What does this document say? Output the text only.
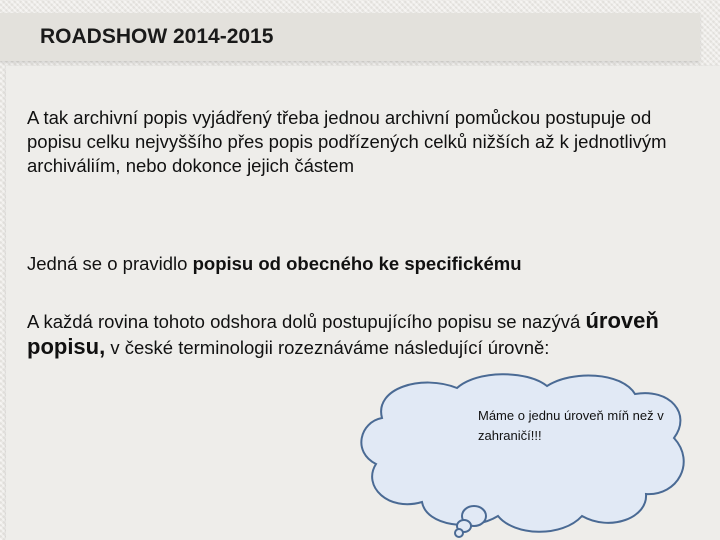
ROADSHOW 2014-2015

A tak archivní popis vyjádřený třeba jednou archivní pomůckou postupuje od popisu celku nejvyššího přes popis podřízených celků nižších až k jednotlivým archiváliím, nebo dokonce jejich částem

Jedná se o pravidlo popisu od obecného ke specifickému

A každá rovina tohoto odshora dolů postupujícího popisu se nazývá úroveň popisu, v české terminologii rozeznáváme následující úrovně:

Máme o jednu úroveň míň než v zahraničí!!!
